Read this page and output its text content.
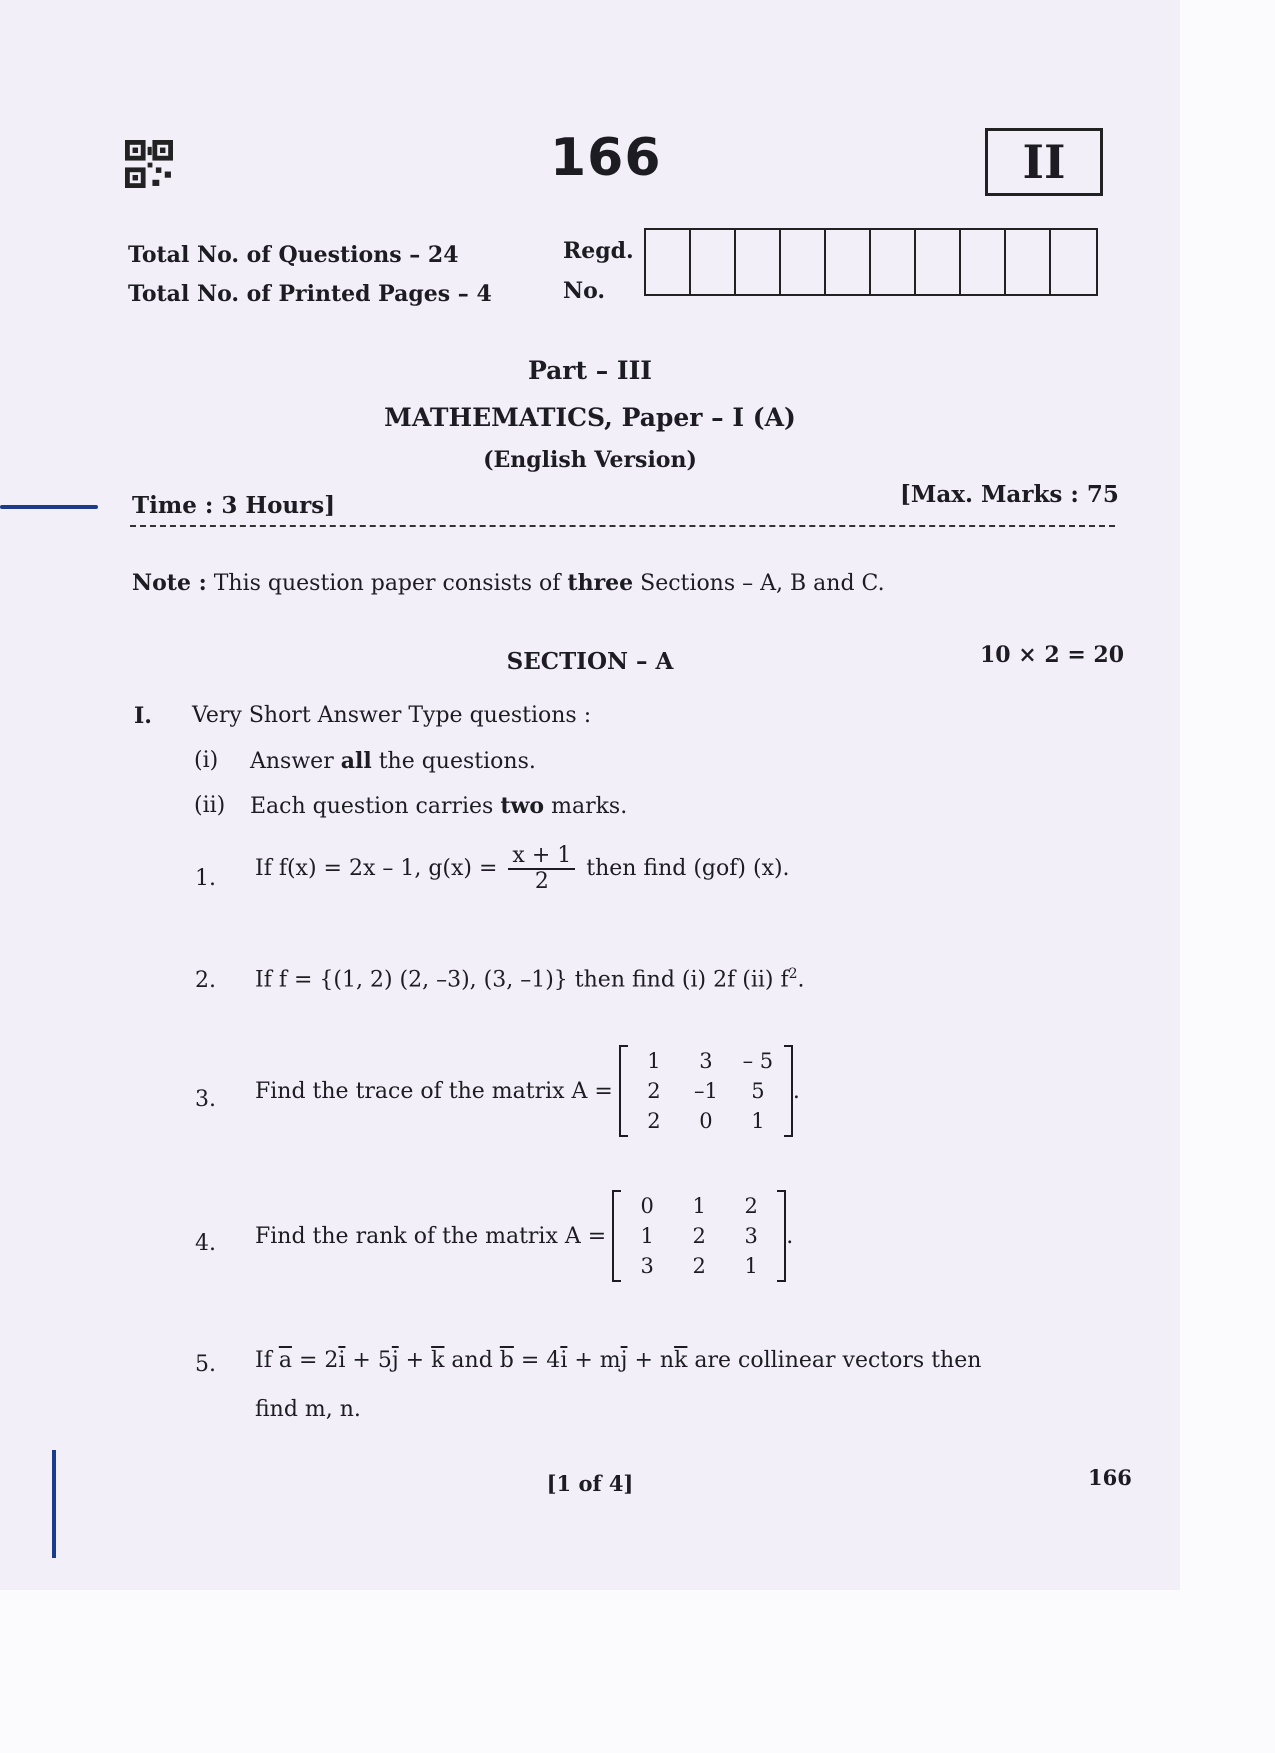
166	II
Total No. of Questions – 24
Total No. of Printed Pages – 4
Regd.
No.
Part – III
MATHEMATICS, Paper – I (A)
(English Version)
Time : 3 Hours]	[Max. Marks : 75
Note : This question paper consists of three Sections – A, B and C.
SECTION – A	10 × 2 = 20
I. Very Short Answer Type questions :
(i) Answer all the questions.
(ii) Each question carries two marks.
1. If f(x) = 2x – 1, $g(x) = \frac{x + 1}{2}$ then find (gof) (x).
2. If f = {(1, 2) (2, –3), (3, –1)} then find (i) 2f (ii) $f^2$.
3. Find the trace of the matrix A =
1	3	– 5
2	–1	5
2	0	1
.
4. Find the rank of the matrix A =
0	1	2
1	2	3
3	2	1
.
5. If $\overline{a} = 2\overline{i} + 5\overline{j} + \overline{k}$ and $\overline{b} = 4\overline{i} + m\overline{j} + n\overline{k}$ are collinear vectors then
find m, n.
[1 of 4]	166
